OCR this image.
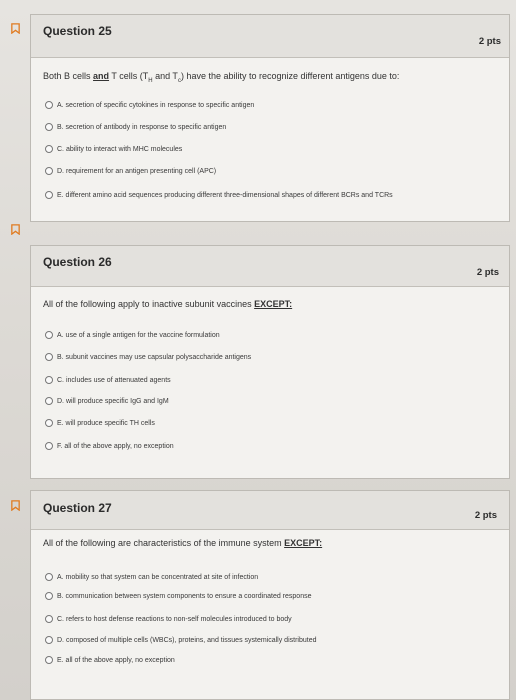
Question 25
2 pts
Both B cells and T cells ($T_H$ and $T_c$) have the ability to recognize different antigens due to:
A. secretion of specific cytokines in response to specific antigen
B. secretion of antibody in response to specific antigen
C. ability to interact with MHC molecules
D. requirement for an antigen presenting cell (APC)
E. different amino acid sequences producing different three-dimensional shapes of different BCRs and TCRs
Question 26
2 pts
All of the following apply to inactive subunit vaccines EXCEPT:
A. use of a single antigen for the vaccine formulation
B. subunit vaccines may use capsular polysaccharide antigens
C. includes use of attenuated agents
D. will produce specific IgG and IgM
E. will produce specific TH cells
F. all of the above apply, no exception
Question 27
2 pts
All of the following are characteristics of the immune system EXCEPT:
A. mobility so that system can be concentrated at site of infection
B. communication between system components to ensure a coordinated response
C. refers to host defense reactions to non-self molecules introduced to body
D. composed of multiple cells (WBCs), proteins, and tissues systemically distributed
E. all of the above apply, no exception
